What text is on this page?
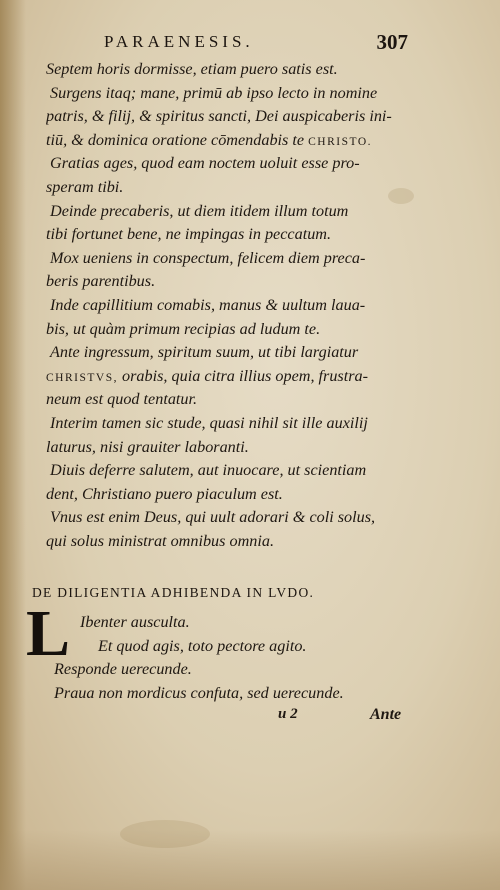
PARAENESIS.	307
Septem horis dormisse, etiam puero satis est.
Surgens itaq; mane, primū ab ipso lecto in nomine
patris, & filij, & spiritus sancti, Dei auspicaberis ini-
tiū, & dominica oratione cōmendabis te CHRISTO.
Gratias ages, quod eam noctem uoluit esse pro-
speram tibi.
Deinde precaberis, ut diem itidem illum totum
tibi fortunet bene, ne impingas in peccatum.
Mox ueniens in conspectum, felicem diem preca-
beris parentibus.
Inde capillitium comabis, manus & uultum laua-
bis, ut quàm primum recipias ad ludum te.
Ante ingressum, spiritum suum, ut tibi largiatur
CHRISTVS, orabis, quia citra illius opem, frustra-
neum est quod tentatur.
Interim tamen sic stude, quasi nihil sit ille auxilij
laturus, nisi grauiter laboranti.
Diuis deferre salutem, aut inuocare, ut scientiam
dent, Christiano puero piaculum est.
Vnus est enim Deus, qui uult adorari & coli solus,
qui solus ministrat omnibus omnia.
DE DILIGENTIA ADHIBENDA IN LVDO.
L Ibenter ausculta.
Et quod agis, toto pectore agito.
Responde uerecunde.
Praua non mordicus confuta, sed uerecunde.
u 2	Ante
